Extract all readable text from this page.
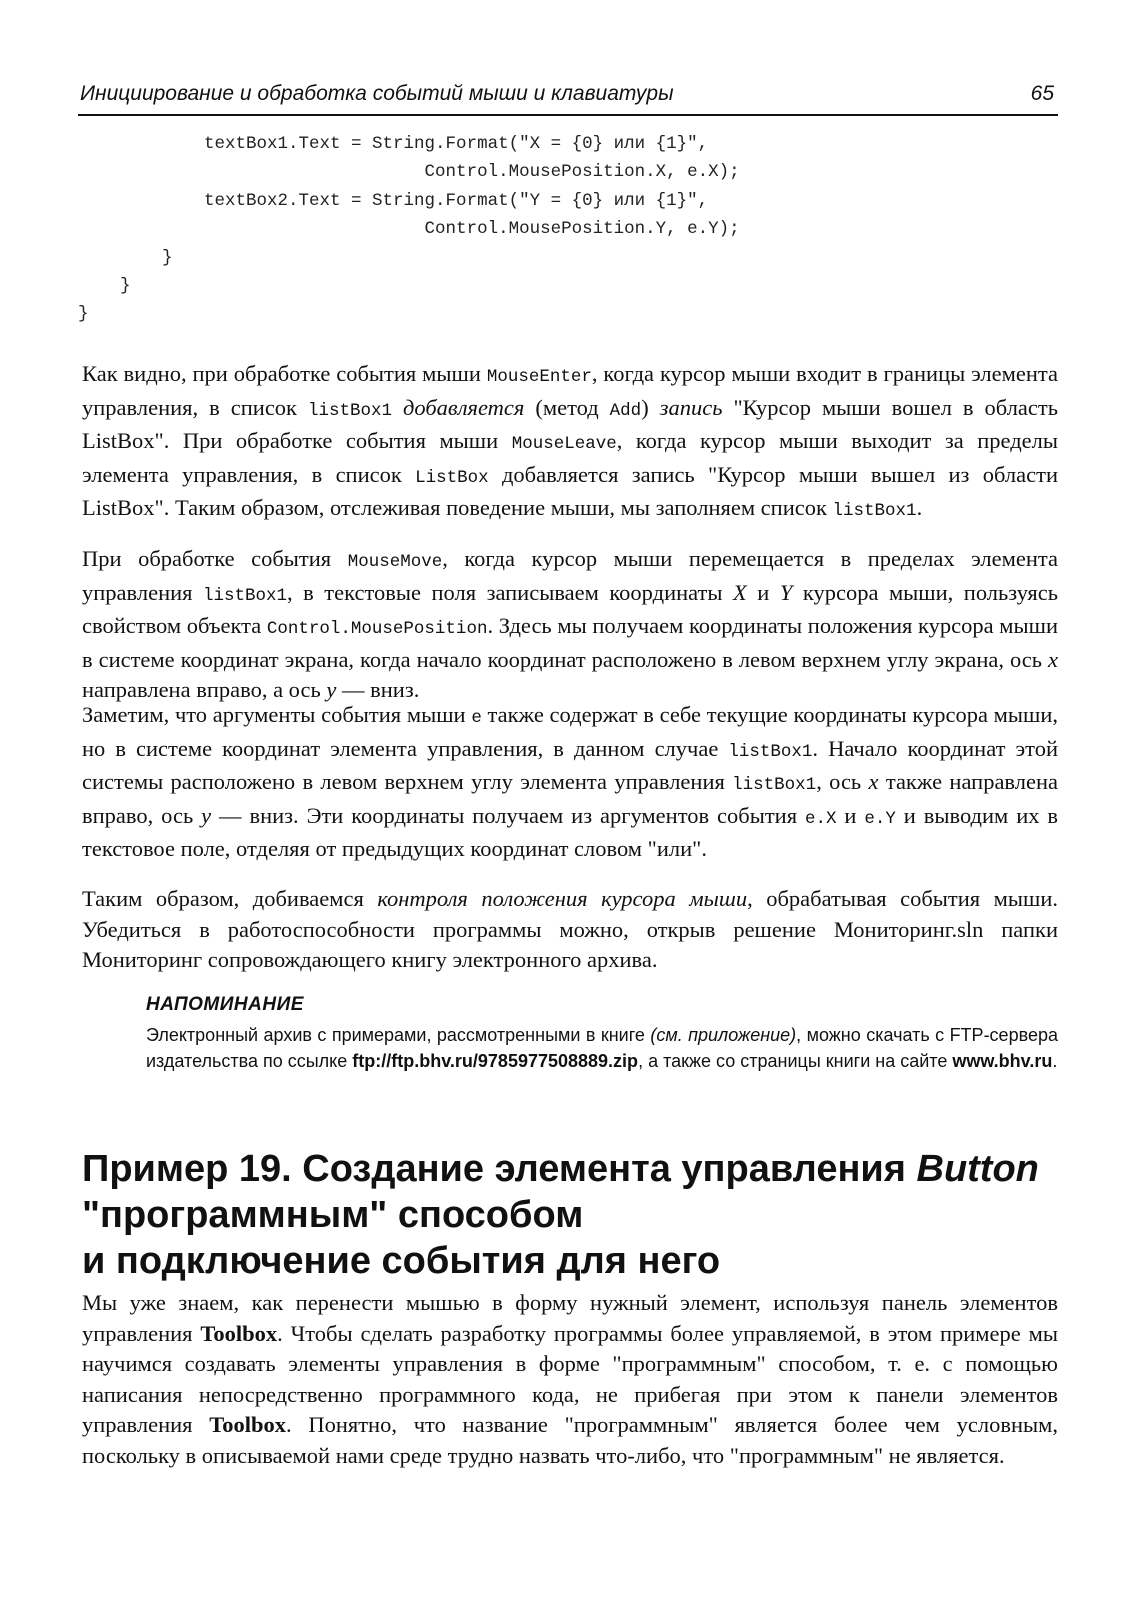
Инициирование и обработка событий мыши и клавиатуры	65
textBox1.Text = String.Format("X = {0} или {1}",
Control.MousePosition.X, e.X);
textBox2.Text = String.Format("Y = {0} или {1}",
Control.MousePosition.Y, e.Y);
}
}
}

Как видно, при обработке события мыши MouseEnter, когда курсор мыши входит в границы элемента управления, в список listBox1 добавляется (метод Add) запись "Курсор мыши вошел в область ListBox". При обработке события мыши MouseLeave, когда курсор мыши выходит за пределы элемента управления, в список ListBox добавляется запись "Курсор мыши вышел из области ListBox". Таким образом, отслеживая поведение мыши, мы заполняем список listBox1.

При обработке события MouseMove, когда курсор мыши перемещается в пределах элемента управления listBox1, в текстовые поля записываем координаты X и Y курсора мыши, пользуясь свойством объекта Control.MousePosition. Здесь мы получаем координаты положения курсора мыши в системе координат экрана, когда начало координат расположено в левом верхнем углу экрана, ось x направлена вправо, а ось y — вниз.

Заметим, что аргументы события мыши e также содержат в себе текущие координаты курсора мыши, но в системе координат элемента управления, в данном случае listBox1. Начало координат этой системы расположено в левом верхнем углу элемента управления listBox1, ось x также направлена вправо, ось y — вниз. Эти координаты получаем из аргументов события e.X и e.Y и выводим их в текстовое поле, отделяя от предыдущих координат словом "или".

Таким образом, добиваемся контроля положения курсора мыши, обрабатывая события мыши. Убедиться в работоспособности программы можно, открыв решение Мониторинг.sln папки Мониторинг сопровождающего книгу электронного архива.

НАПОМИНАНИЕ
Электронный архив с примерами, рассмотренными в книге (см. приложение), можно скачать с FTP-сервера издательства по ссылке ftp://ftp.bhv.ru/9785977508889.zip, а также со страницы книги на сайте www.bhv.ru.
Пример 19. Создание элемента управления Button
"программным" способом
и подключение события для него

Мы уже знаем, как перенести мышью в форму нужный элемент, используя панель элементов управления Toolbox. Чтобы сделать разработку программы более управляемой, в этом примере мы научимся создавать элементы управления в форме "программным" способом, т. е. с помощью написания непосредственно программного кода, не прибегая при этом к панели элементов управления Toolbox. Понятно, что название "программным" является более чем условным, поскольку в описываемой нами среде трудно назвать что-либо, что "программным" не является.
